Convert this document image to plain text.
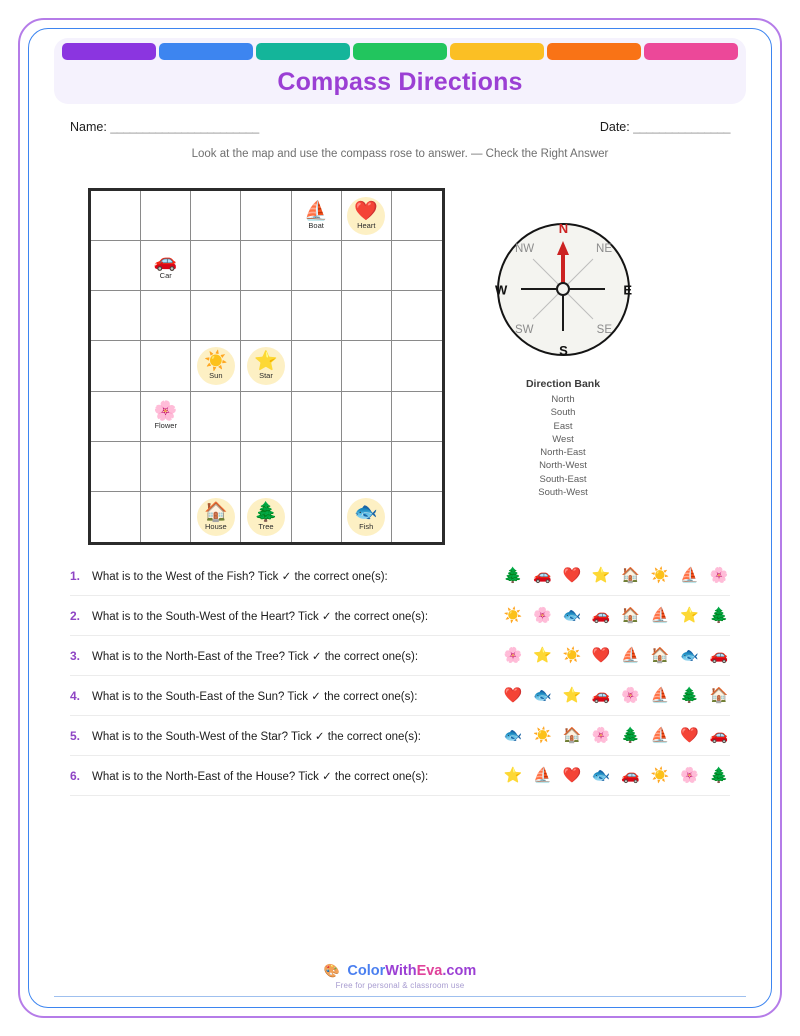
Compass Directions
Name: _______________________	Date: _______________
Look at the map and use the compass rose to answer. — Check the Right Answer
⛵
Boat
❤️
Heart
🚗
Car
☀️
Sun
⭐
Star
🌸
Flower
🏠
House
🌲
Tree
🐟
Fish
N
S
E
W
NE
NW
SE
SW
Direction Bank
North
South
East
West
North-East
North-West
South-East
South-West
1.	What is to the West of the Fish? Tick ✓ the correct one(s):	🌲 🚗 ❤️ ⭐ 🏠 ☀️ ⛵ 🌸
2.	What is to the South-West of the Heart? Tick ✓ the correct one(s):	☀️ 🌸 🐟 🚗 🏠 ⛵ ⭐ 🌲
3.	What is to the North-East of the Tree? Tick ✓ the correct one(s):	🌸 ⭐ ☀️ ❤️ ⛵ 🏠 🐟 🚗
4.	What is to the South-East of the Sun? Tick ✓ the correct one(s):	❤️ 🐟 ⭐ 🚗 🌸 ⛵ 🌲 🏠
5.	What is to the South-West of the Star? Tick ✓ the correct one(s):	🐟 ☀️ 🏠 🌸 🌲 ⛵ ❤️ 🚗
6.	What is to the North-East of the House? Tick ✓ the correct one(s):	⭐ ⛵ ❤️ 🐟 🚗 ☀️ 🌸 🌲
🎨 ColorWithEva.com
Free for personal & classroom use
